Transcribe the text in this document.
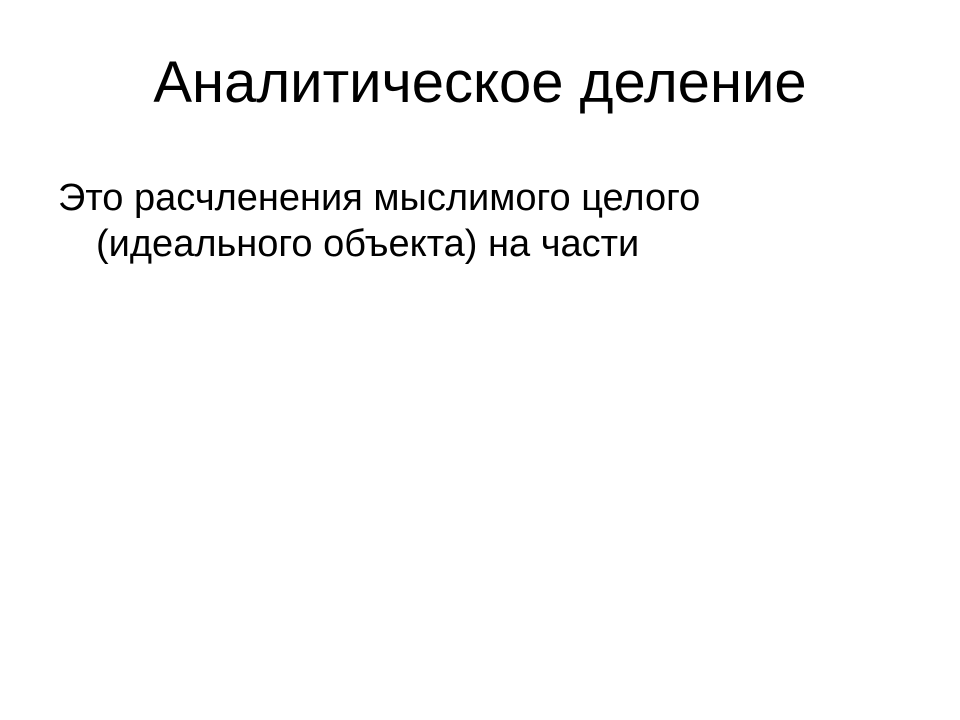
Аналитическое деление
Это расчленения мыслимого целого
(идеального объекта) на части
